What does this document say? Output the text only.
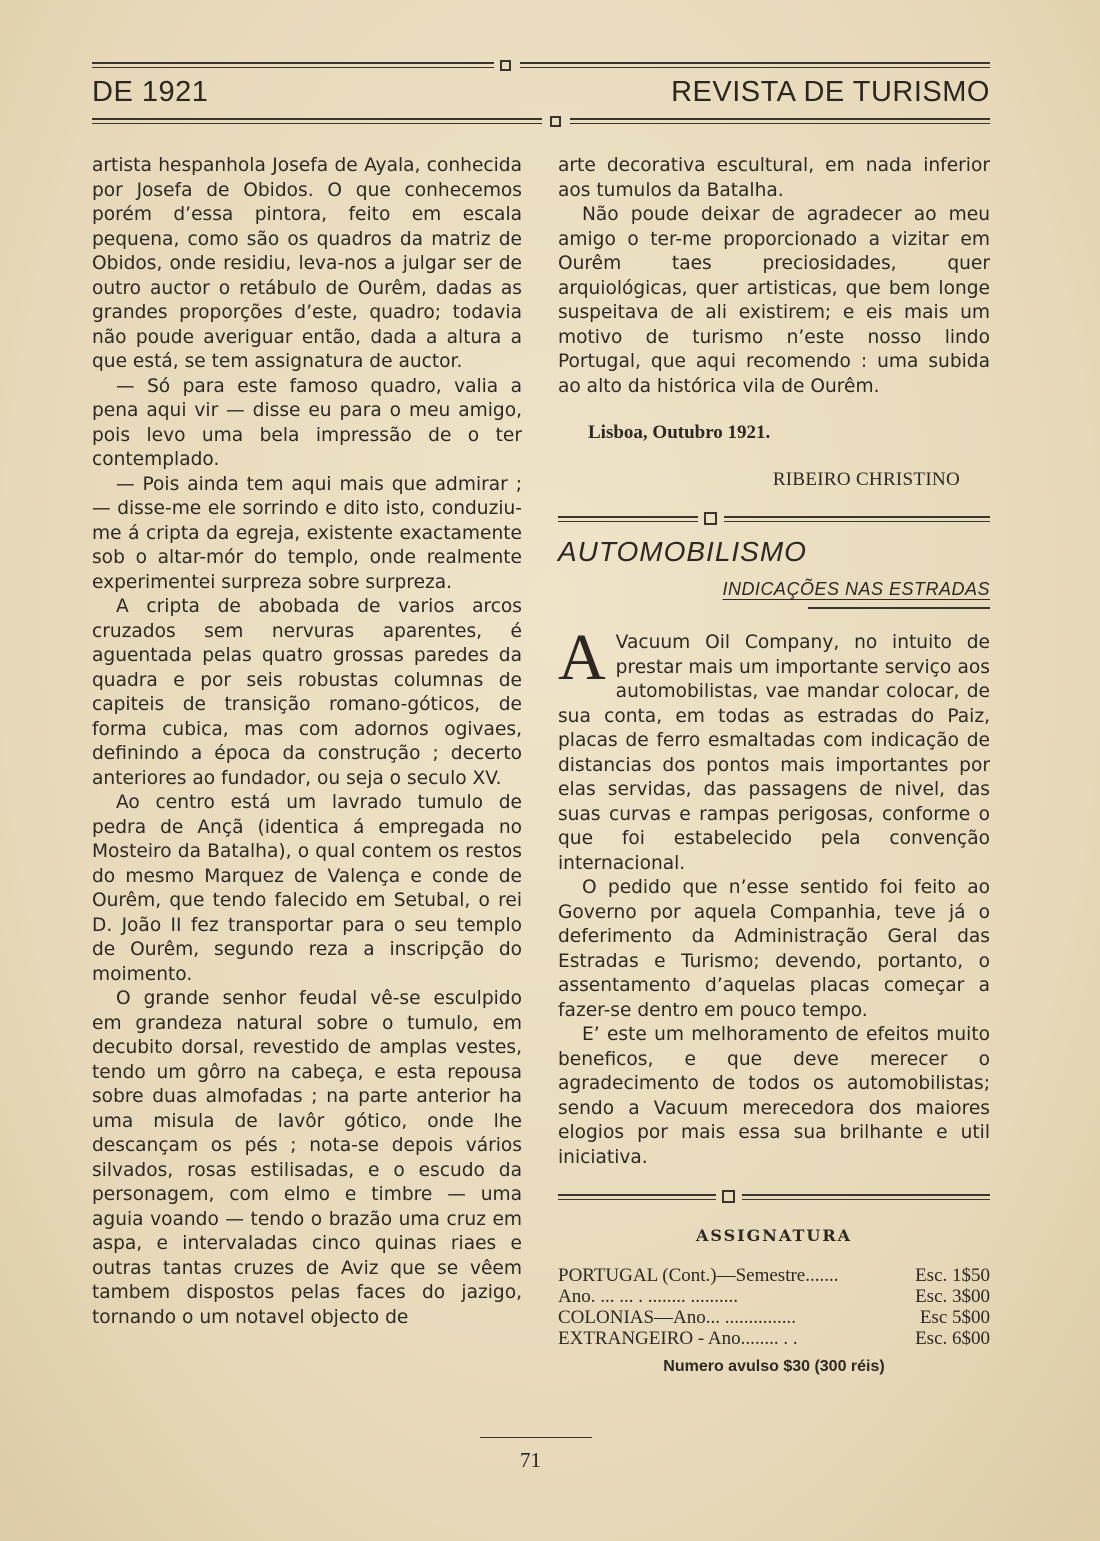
DE 1921	REVISTA DE TURISMO

artista hespanhola Josefa de Ayala, conhecida por Josefa de Obidos. O que conhecemos porém d’essa pintora, feito em escala pequena, como são os quadros da matriz de Obidos, onde residiu, leva-nos a julgar ser de outro auctor o retábulo de Ourêm, dadas as grandes proporções d’este, quadro; todavia não poude averiguar então, dada a altura a que está, se tem assignatura de auctor.

— Só para este famoso quadro, valia a pena aqui vir — disse eu para o meu amigo, pois levo uma bela impressão de o ter contemplado.

— Pois ainda tem aqui mais que admirar ; — disse-me ele sorrindo e dito isto, conduziu-me á cripta da egreja, existente exactamente sob o altar-mór do templo, onde realmente experimentei surpreza sobre surpreza.

A cripta de abobada de varios arcos cruzados sem nervuras aparentes, é aguentada pelas quatro grossas paredes da quadra e por seis robustas columnas de capiteis de transição romano-góticos, de forma cubica, mas com adornos ogivaes, definindo a época da construção ; decerto anteriores ao fundador, ou seja o seculo XV.

Ao centro está um lavrado tumulo de pedra de Ançã (identica á empregada no Mosteiro da Batalha), o qual contem os restos do mesmo Marquez de Valença e conde de Ourêm, que tendo falecido em Setubal, o rei D. João II fez transportar para o seu templo de Ourêm, segundo reza a inscripção do moimento.

O grande senhor feudal vê-se esculpido em grandeza natural sobre o tumulo, em decubito dorsal, revestido de amplas vestes, tendo um gôrro na cabeça, e esta repousa sobre duas almofadas ; na parte anterior ha uma misula de lavôr gótico, onde lhe descançam os pés ; nota-se depois vários silvados, rosas estilisadas, e o escudo da personagem, com elmo e timbre — uma aguia voando — tendo o brazão uma cruz em aspa, e intervaladas cinco quinas riaes e outras tantas cruzes de Aviz que se vêem tambem dispostos pelas faces do jazigo, tornando o um notavel objecto de

arte decorativa escultural, em nada inferior aos tumulos da Batalha.

Não poude deixar de agradecer ao meu amigo o ter-me proporcionado a vizitar em Ourêm taes preciosidades, quer arquiológicas, quer artisticas, que bem longe suspeitava de ali existirem; e eis mais um motivo de turismo n’este nosso lindo Portugal, que aqui recomendo : uma subida ao alto da histórica vila de Ourêm.

Lisboa, Outubro 1921.
RIBEIRO CHRISTINO
AUTOMOBILISMO
INDICAÇÕES NAS ESTRADAS
A Vacuum Oil Company, no intuito de prestar mais um importante serviço aos automobilistas, vae mandar colocar, de sua conta, em todas as estradas do Paiz, placas de ferro esmaltadas com indicação de distancias dos pontos mais importantes por elas servidas, das passagens de nivel, das suas curvas e rampas perigosas, conforme o que foi estabelecido pela convenção internacional.

O pedido que n’esse sentido foi feito ao Governo por aquela Companhia, teve já o deferimento da Administração Geral das Estradas e Turismo; devendo, portanto, o assentamento d’aquelas placas começar a fazer-se dentro em pouco tempo.

E’ este um melhoramento de efeitos muito beneficos, e que deve merecer o agradecimento de todos os automobilistas; sendo a Vacuum merecedora dos maiores elogios por mais essa sua brilhante e util iniciativa.

ASSIGNATURA
PORTUGAL (Cont.)—Semestre.......	Esc. 1$50
Ano. ... ... . ........ ..........	Esc. 3$00
COLONIAS—Ano... ...............	Esc 5$00
EXTRANGEIRO - Ano........ . .	Esc. 6$00
Numero avulso $30 (300 réis)
71
